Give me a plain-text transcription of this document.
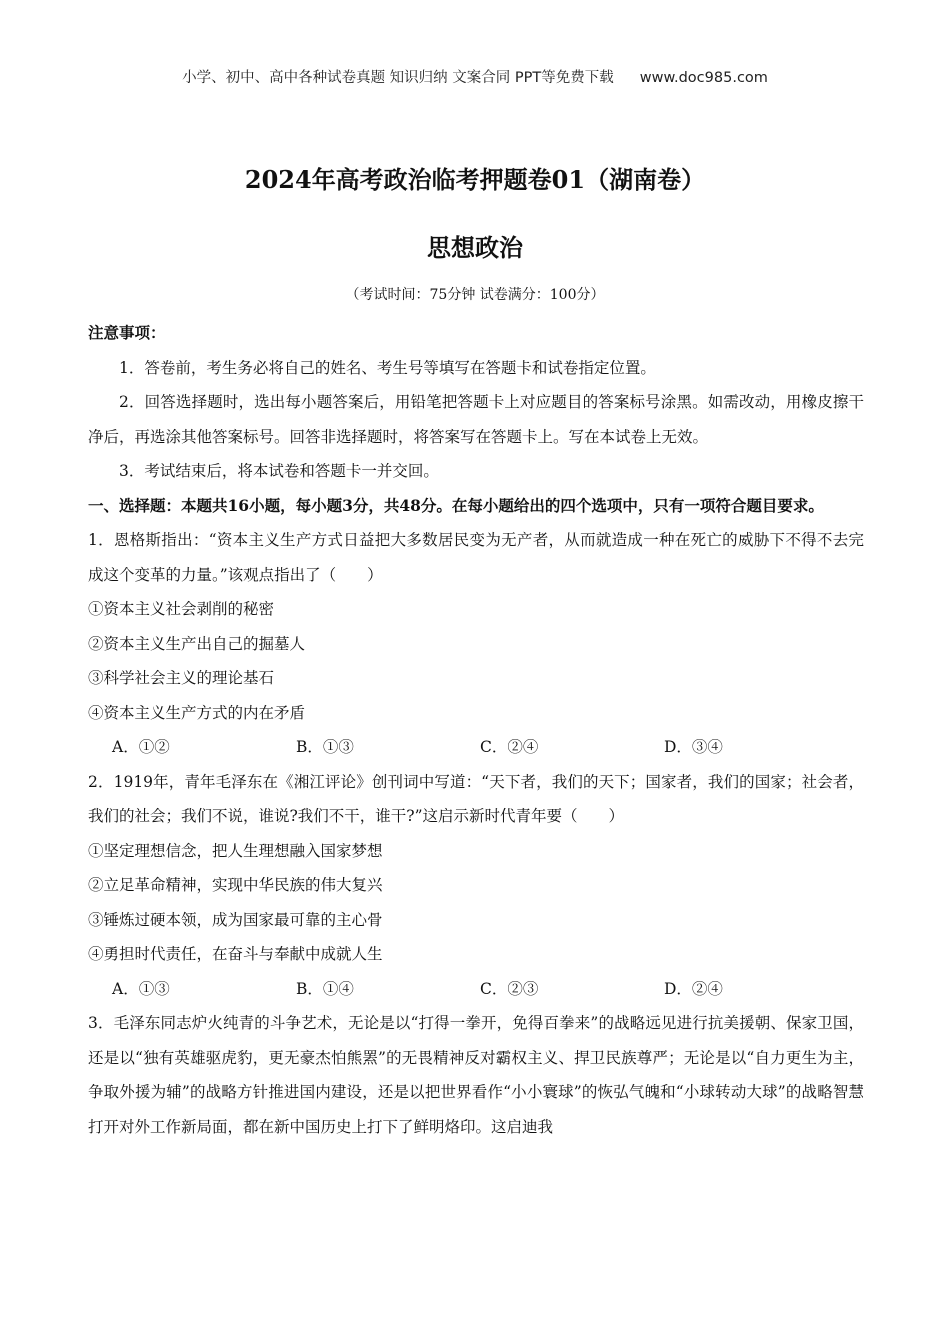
小学、初中、高中各种试卷真题 知识归纳 文案合同 PPT等免费下载 www.doc985.com
2024年高考政治临考押题卷01（湖南卷）
思想政治
（考试时间：75分钟 试卷满分：100分）

注意事项：

1．答卷前，考生务必将自己的姓名、考生号等填写在答题卡和试卷指定位置。

2．回答选择题时，选出每小题答案后，用铅笔把答题卡上对应题目的答案标号涂黑。如需改动，用橡皮擦干净后，再选涂其他答案标号。回答非选择题时，将答案写在答题卡上。写在本试卷上无效。

3．考试结束后，将本试卷和答题卡一并交回。

一、选择题：本题共16小题，每小题3分，共48分。在每小题给出的四个选项中，只有一项符合题目要求。

1．恩格斯指出：“资本主义生产方式日益把大多数居民变为无产者，从而就造成一种在死亡的威胁下不得不去完成这个变革的力量。”该观点指出了（　　）

①资本主义社会剥削的秘密

②资本主义生产出自己的掘墓人

③科学社会主义的理论基石

④资本主义生产方式的内在矛盾

A．①②	B．①③	C．②④	D．③④

2．1919年，青年毛泽东在《湘江评论》创刊词中写道：“天下者，我们的天下；国家者，我们的国家；社会者，我们的社会；我们不说，谁说?我们不干，谁干?”这启示新时代青年要（　　）

①坚定理想信念，把人生理想融入国家梦想

②立足革命精神，实现中华民族的伟大复兴

③锤炼过硬本领，成为国家最可靠的主心骨

④勇担时代责任，在奋斗与奉献中成就人生

A．①③	B．①④	C．②③	D．②④

3．毛泽东同志炉火纯青的斗争艺术，无论是以“打得一拳开，免得百拳来”的战略远见进行抗美援朝、保家卫国，还是以“独有英雄驱虎豹，更无豪杰怕熊罴”的无畏精神反对霸权主义、捍卫民族尊严；无论是以“自力更生为主，争取外援为辅”的战略方针推进国内建设，还是以把世界看作“小小寰球”的恢弘气魄和“小球转动大球”的战略智慧打开对外工作新局面，都在新中国历史上打下了鲜明烙印。这启迪我
